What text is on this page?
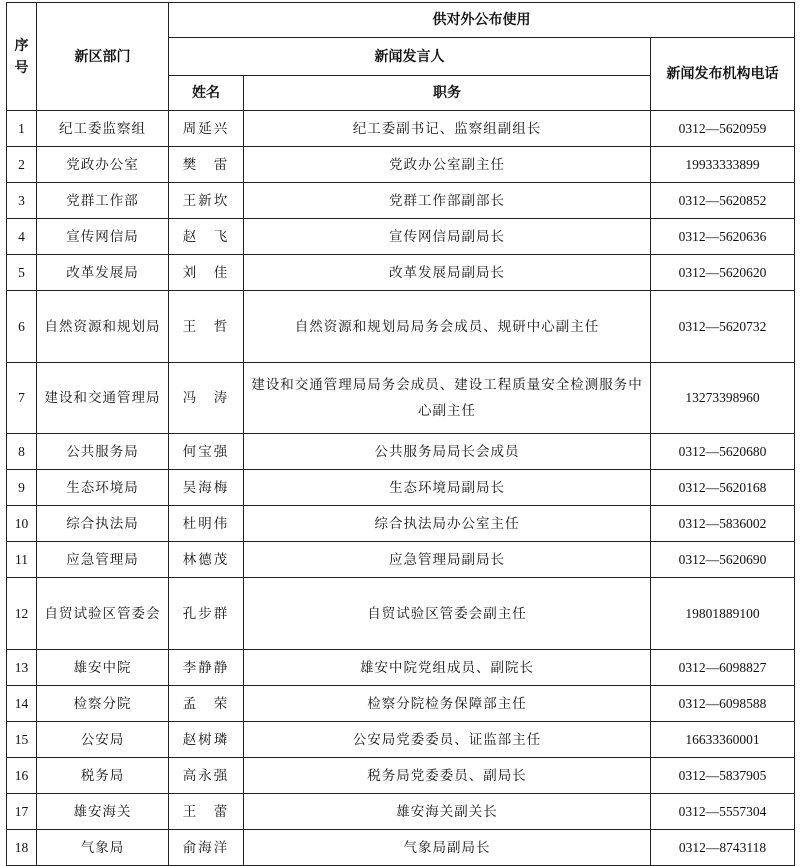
序号	新区部门	供对外公布使用		
		新闻发言人		新闻发布机构电话
		姓名	职务	
1	纪工委监察组	周延兴	纪工委副书记、监察组副组长	0312—5620959
2	党政办公室	樊　雷	党政办公室副主任	19933333899
3	党群工作部	王新坎	党群工作部副部长	0312—5620852
4	宣传网信局	赵　飞	宣传网信局副局长	0312—5620636
5	改革发展局	刘　佳	改革发展局副局长	0312—5620620
6	自然资源和规划局	王　哲	自然资源和规划局局务会成员、规研中心副主任	0312—5620732
7	建设和交通管理局	冯　涛	建设和交通管理局局务会成员、建设工程质量安全检测服务中心副主任	13273398960
8	公共服务局	何宝强	公共服务局局长会成员	0312—5620680
9	生态环境局	吴海梅	生态环境局副局长	0312—5620168
10	综合执法局	杜明伟	综合执法局办公室主任	0312—5836002
11	应急管理局	林德茂	应急管理局副局长	0312—5620690
12	自贸试验区管委会	孔步群	自贸试验区管委会副主任	19801889100
13	雄安中院	李静静	雄安中院党组成员、副院长	0312—6098827
14	检察分院	孟　荣	检察分院检务保障部主任	0312—6098588
15	公安局	赵树璘	公安局党委委员、证监部主任	16633360001
16	税务局	高永强	税务局党委委员、副局长	0312—5837905
17	雄安海关	王　蕾	雄安海关副关长	0312—5557304
18	气象局	俞海洋	气象局副局长	0312—8743118
